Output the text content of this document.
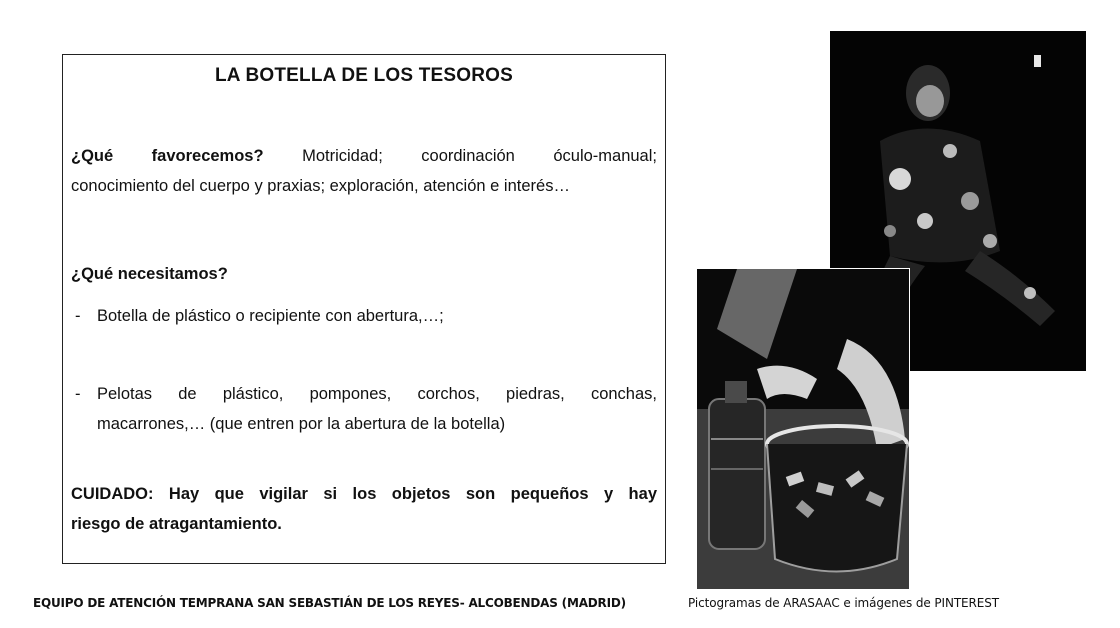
LA BOTELLA DE LOS TESOROS
¿Qué favorecemos? Motricidad; coordinación óculo-manual;
conocimiento del cuerpo y praxias; exploración, atención e interés…
¿Qué necesitamos?
- Botella de plástico o recipiente con abertura,…;
- Pelotas de plástico, pompones, corchos, piedras, conchas,
macarrones,… (que entren por la abertura de la botella)
CUIDADO: Hay que vigilar si los objetos son pequeños y hay
riesgo de atragantamiento.
EQUIPO DE ATENCIÓN TEMPRANA SAN SEBASTIÁN DE LOS REYES- ALCOBENDAS (MADRID)	Pictogramas de ARASAAC e imágenes de PINTEREST
